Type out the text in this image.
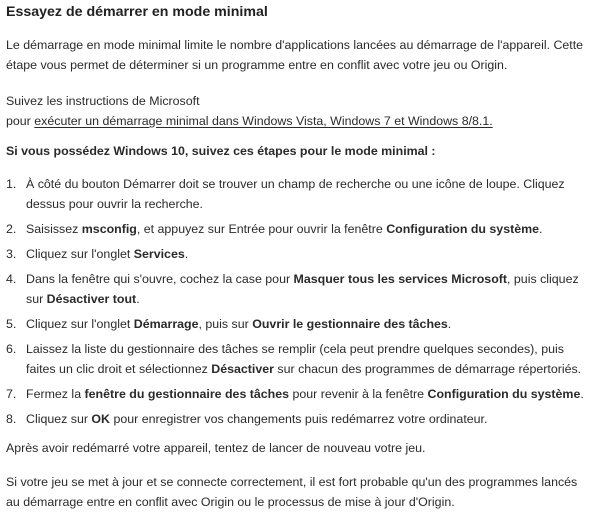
Essayez de démarrer en mode minimal

Le démarrage en mode minimal limite le nombre d'applications lancées au démarrage de l'appareil. Cette étape vous permet de déterminer si un programme entre en conflit avec votre jeu ou Origin.

Suivez les instructions de Microsoft
pour exécuter un démarrage minimal dans Windows Vista, Windows 7 et Windows 8/8.1.

Si vous possédez Windows 10, suivez ces étapes pour le mode minimal :

1. À côté du bouton Démarrer doit se trouver un champ de recherche ou une icône de loupe. Cliquez dessus pour ouvrir la recherche.
2. Saisissez msconfig, et appuyez sur Entrée pour ouvrir la fenêtre Configuration du système.
3. Cliquez sur l'onglet Services.
4. Dans la fenêtre qui s'ouvre, cochez la case pour Masquer tous les services Microsoft, puis cliquez sur Désactiver tout.
5. Cliquez sur l'onglet Démarrage, puis sur Ouvrir le gestionnaire des tâches.
6. Laissez la liste du gestionnaire des tâches se remplir (cela peut prendre quelques secondes), puis faites un clic droit et sélectionnez Désactiver sur chacun des programmes de démarrage répertoriés.
7. Fermez la fenêtre du gestionnaire des tâches pour revenir à la fenêtre Configuration du système.
8. Cliquez sur OK pour enregistrer vos changements puis redémarrez votre ordinateur.

Après avoir redémarré votre appareil, tentez de lancer de nouveau votre jeu.

Si votre jeu se met à jour et se connecte correctement, il est fort probable qu'un des programmes lancés au démarrage entre en conflit avec Origin ou le processus de mise à jour d'Origin.
